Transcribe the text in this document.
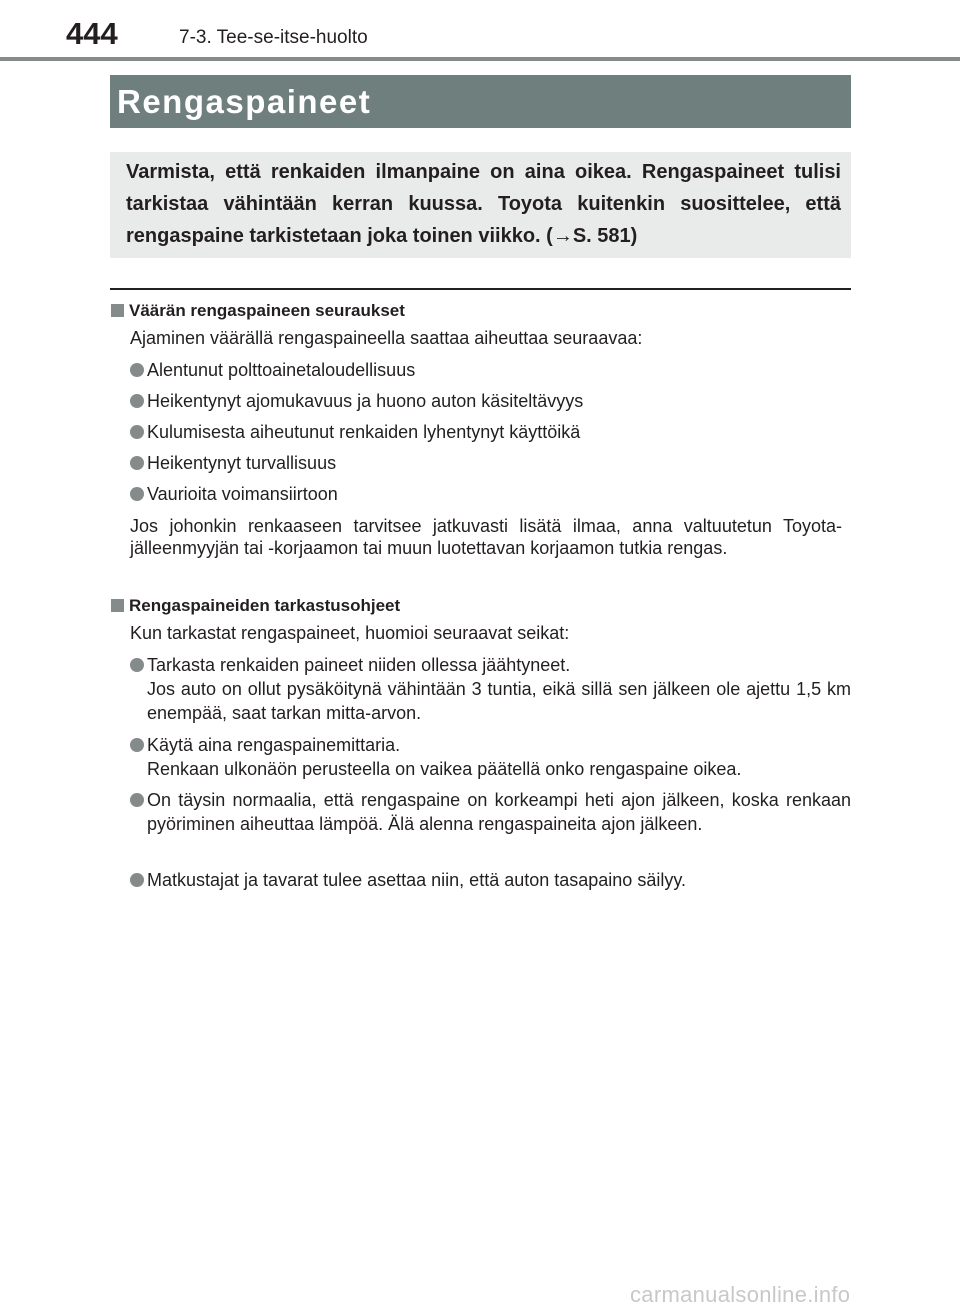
444	7-3. Tee-se-itse-huolto
Rengaspaineet
Varmista, että renkaiden ilmanpaine on aina oikea. Rengaspaineet tulisi tarkistaa vähintään kerran kuussa. Toyota kuitenkin suosittelee, että rengaspaine tarkistetaan joka toinen viikko. (→S. 581)
Väärän rengaspaineen seuraukset
Ajaminen väärällä rengaspaineella saattaa aiheuttaa seuraavaa:
Alentunut polttoainetaloudellisuus
Heikentynyt ajomukavuus ja huono auton käsiteltävyys
Kulumisesta aiheutunut renkaiden lyhentynyt käyttöikä
Heikentynyt turvallisuus
Vaurioita voimansiirtoon
Jos johonkin renkaaseen tarvitsee jatkuvasti lisätä ilmaa, anna valtuutetun Toyota-jälleenmyyjän tai -korjaamon tai muun luotettavan korjaamon tutkia rengas.
Rengaspaineiden tarkastusohjeet
Kun tarkastat rengaspaineet, huomioi seuraavat seikat:
Tarkasta renkaiden paineet niiden ollessa jäähtyneet.
Jos auto on ollut pysäköitynä vähintään 3 tuntia, eikä sillä sen jälkeen ole ajettu 1,5 km enempää, saat tarkan mitta-arvon.
Käytä aina rengaspainemittaria.
Renkaan ulkonäön perusteella on vaikea päätellä onko rengaspaine oikea.
On täysin normaalia, että rengaspaine on korkeampi heti ajon jälkeen, koska renkaan pyöriminen aiheuttaa lämpöä. Älä alenna rengaspaineita ajon jälkeen.
Matkustajat ja tavarat tulee asettaa niin, että auton tasapaino säilyy.
carmanualsonline.info
